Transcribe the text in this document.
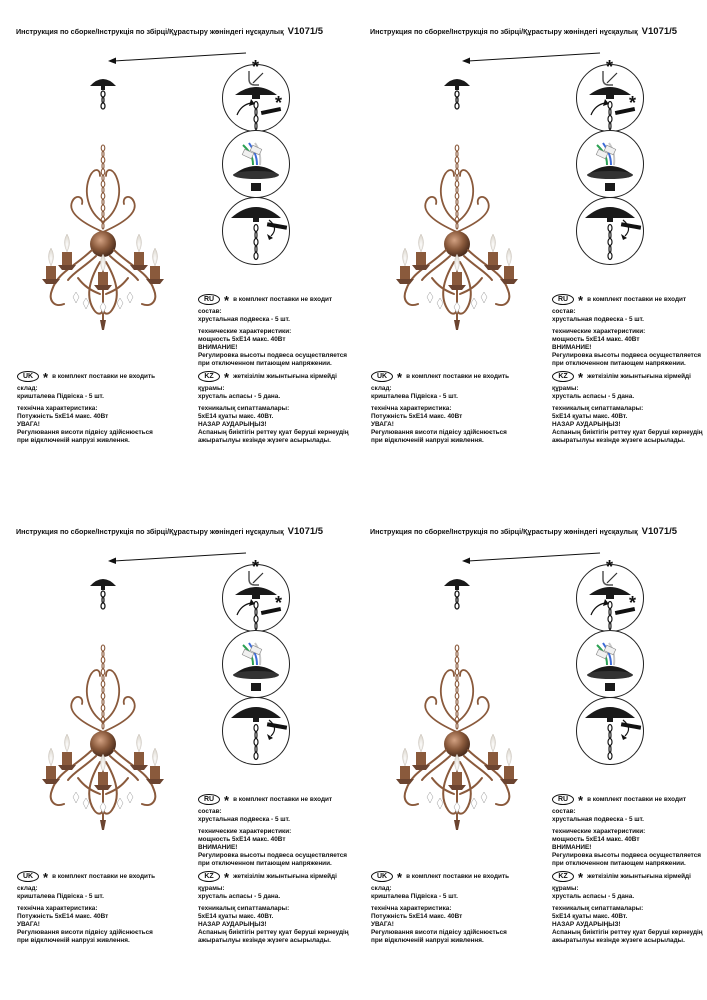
Инструкция по сборке/Інструкція по збірці/Құрастыру жөніндегі нұсқаулық V1071/5
*
*
RU * в комплект поставки не входит

состав:

хрустальная подвеска - 5 шт.

технические характеристики:

мощность 5хЕ14 макс. 40Вт

ВНИМАНИЕ!

Регулировка высоты подвеса осуществляется

при отключенном питающем напряжении.

UK * в комплект поставки не входить

склад:

кришталева Підвіска - 5 шт.

технічна характеристика:

Потужність 5хЕ14 макс. 40Вт

УВАГА!

Регулювання висоти підвісу здійснюється

при відключеній напрузі живлення.

KZ * жеткізілім жиынтығына кірмейді

құрамы:

хрусталь аспасы - 5 дана.

техникалық сипаттамалары:

5хЕ14 қуаты макс. 40Вт.

НАЗАР АУДАРЫҢЫЗ!

Аспаның биіктігін реттеу қуат беруші кернеудің

ажыратылуы кезінде жүзеге асырылады.

Инструкция по сборке/Інструкція по збірці/Құрастыру жөніндегі нұсқаулық V1071/5
*
*
RU * в комплект поставки не входит

состав:

хрустальная подвеска - 5 шт.

технические характеристики:

мощность 5хЕ14 макс. 40Вт

ВНИМАНИЕ!

Регулировка высоты подвеса осуществляется

при отключенном питающем напряжении.

UK * в комплект поставки не входить

склад:

кришталева Підвіска - 5 шт.

технічна характеристика:

Потужність 5хЕ14 макс. 40Вт

УВАГА!

Регулювання висоти підвісу здійснюється

при відключеній напрузі живлення.

KZ * жеткізілім жиынтығына кірмейді

құрамы:

хрусталь аспасы - 5 дана.

техникалық сипаттамалары:

5хЕ14 қуаты макс. 40Вт.

НАЗАР АУДАРЫҢЫЗ!

Аспаның биіктігін реттеу қуат беруші кернеудің

ажыратылуы кезінде жүзеге асырылады.

Инструкция по сборке/Інструкція по збірці/Құрастыру жөніндегі нұсқаулық V1071/5
*
*
RU * в комплект поставки не входит

состав:

хрустальная подвеска - 5 шт.

технические характеристики:

мощность 5хЕ14 макс. 40Вт

ВНИМАНИЕ!

Регулировка высоты подвеса осуществляется

при отключенном питающем напряжении.

UK * в комплект поставки не входить

склад:

кришталева Підвіска - 5 шт.

технічна характеристика:

Потужність 5хЕ14 макс. 40Вт

УВАГА!

Регулювання висоти підвісу здійснюється

при відключеній напрузі живлення.

KZ * жеткізілім жиынтығына кірмейді

құрамы:

хрусталь аспасы - 5 дана.

техникалық сипаттамалары:

5хЕ14 қуаты макс. 40Вт.

НАЗАР АУДАРЫҢЫЗ!

Аспаның биіктігін реттеу қуат беруші кернеудің

ажыратылуы кезінде жүзеге асырылады.

Инструкция по сборке/Інструкція по збірці/Құрастыру жөніндегі нұсқаулық V1071/5
*
*
RU * в комплект поставки не входит

состав:

хрустальная подвеска - 5 шт.

технические характеристики:

мощность 5хЕ14 макс. 40Вт

ВНИМАНИЕ!

Регулировка высоты подвеса осуществляется

при отключенном питающем напряжении.

UK * в комплект поставки не входить

склад:

кришталева Підвіска - 5 шт.

технічна характеристика:

Потужність 5хЕ14 макс. 40Вт

УВАГА!

Регулювання висоти підвісу здійснюється

при відключеній напрузі живлення.

KZ * жеткізілім жиынтығына кірмейді

құрамы:

хрусталь аспасы - 5 дана.

техникалық сипаттамалары:

5хЕ14 қуаты макс. 40Вт.

НАЗАР АУДАРЫҢЫЗ!

Аспаның биіктігін реттеу қуат беруші кернеудің

ажыратылуы кезінде жүзеге асырылады.
